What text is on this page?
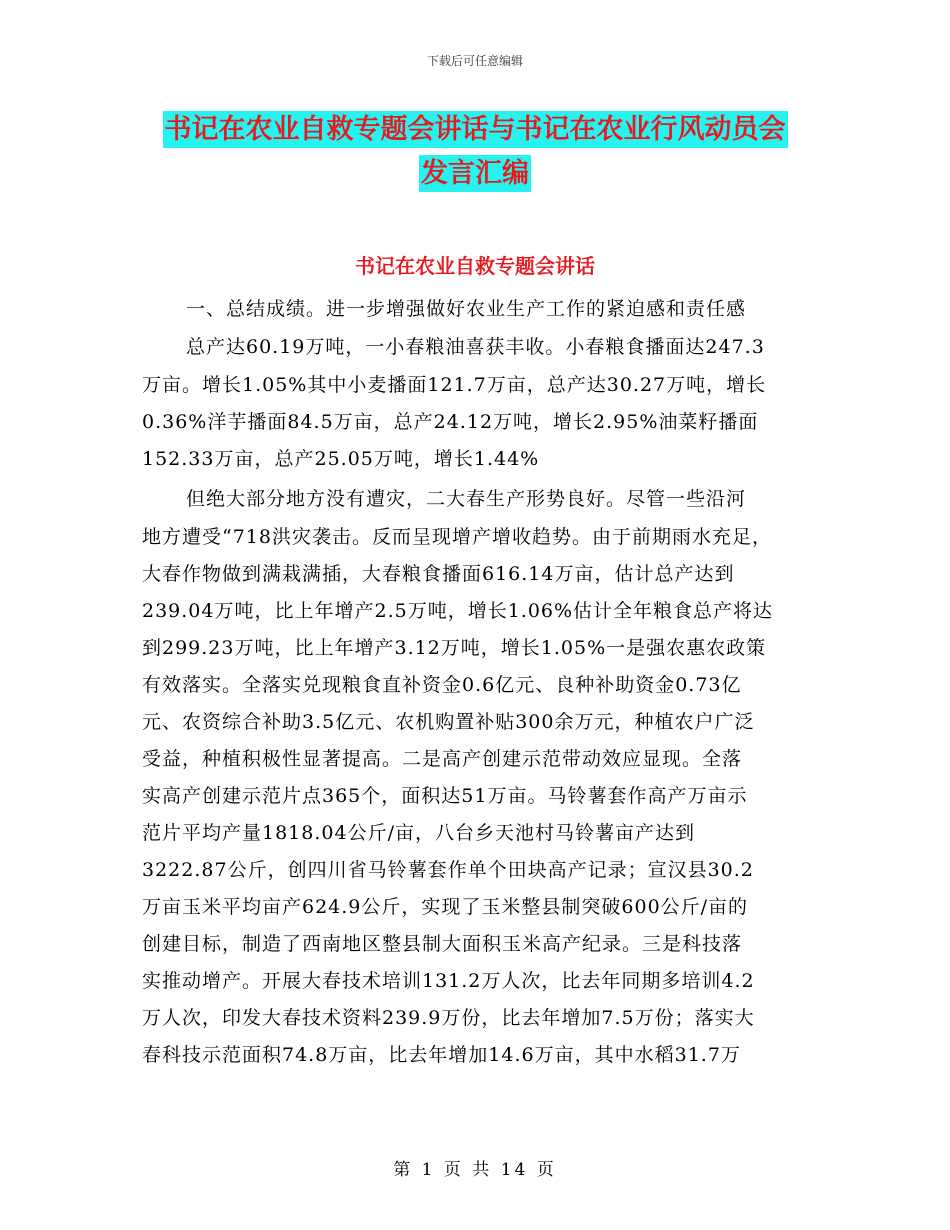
下载后可任意编辑
书记在农业自救专题会讲话与书记在农业行风动员会
发言汇编
书记在农业自救专题会讲话
一、总结成绩。进一步增强做好农业生产工作的紧迫感和责任感
总产达60.19万吨，一小春粮油喜获丰收。小春粮食播面达247.3
万亩。增长1.05%其中小麦播面121.7万亩，总产达30.27万吨，增长
0.36%洋芋播面84.5万亩，总产24.12万吨，增长2.95%油菜籽播面
152.33万亩，总产25.05万吨，增长1.44%
但绝大部分地方没有遭灾，二大春生产形势良好。尽管一些沿河
地方遭受“718洪灾袭击。反而呈现增产增收趋势。由于前期雨水充足，
大春作物做到满栽满插，大春粮食播面616.14万亩，估计总产达到
239.04万吨，比上年增产2.5万吨，增长1.06%估计全年粮食总产将达
到299.23万吨，比上年增产3.12万吨，增长1.05%一是强农惠农政策
有效落实。全落实兑现粮食直补资金0.6亿元、良种补助资金0.73亿
元、农资综合补助3.5亿元、农机购置补贴300余万元，种植农户广泛
受益，种植积极性显著提高。二是高产创建示范带动效应显现。全落
实高产创建示范片点365个，面积达51万亩。马铃薯套作高产万亩示
范片平均产量1818.04公斤/亩，八台乡天池村马铃薯亩产达到
3222.87公斤，创四川省马铃薯套作单个田块高产记录；宣汉县30.2
万亩玉米平均亩产624.9公斤，实现了玉米整县制突破600公斤/亩的
创建目标，制造了西南地区整县制大面积玉米高产纪录。三是科技落
实推动增产。开展大春技术培训131.2万人次，比去年同期多培训4.2
万人次，印发大春技术资料239.9万份，比去年增加7.5万份；落实大
春科技示范面积74.8万亩，比去年增加14.6万亩，其中水稻31.7万
第 1 页 共 14 页
